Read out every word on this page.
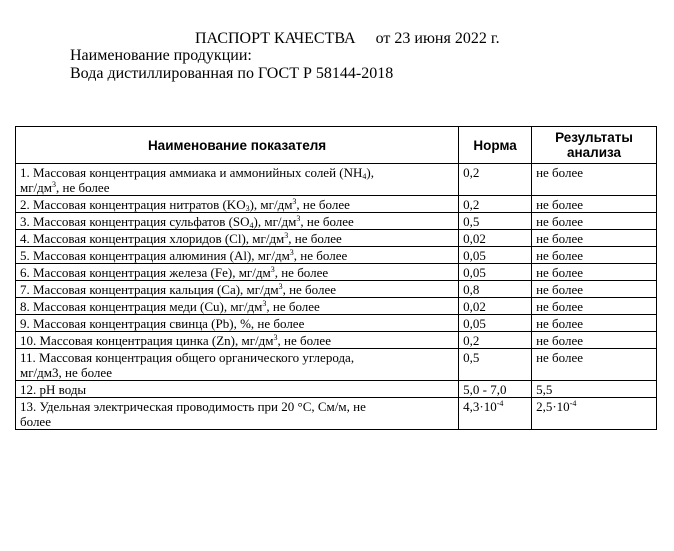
ПАСПОРТ КАЧЕСТВА от 23 июня 2022 г.
Наименование продукции:
Вода дистиллированная по ГОСТ Р 58144-2018
Наименование показателя	Норма	Результаты анализа
1. Массовая концентрация аммиака и аммонийных солей $(NH_4)$,
$мг/дм^3$, не более	0,2	не более
2. Массовая концентрация нитратов $(KO_3)$, $мг/дм^3$, не более	0,2	не более
3. Массовая концентрация сульфатов $(SO_4)$, $мг/дм^3$, не более	0,5	не более
4. Массовая концентрация хлоридов (Cl), $мг/дм^3$, не более	0,02	не более
5. Массовая концентрация алюминия (Al), $мг/дм^3$, не более	0,05	не более
6. Массовая концентрация железа (Fe), $мг/дм^3$, не более	0,05	не более
7. Массовая концентрация кальция (Ca), $мг/дм^3$, не более	0,8	не более
8. Массовая концентрация меди (Cu), $мг/дм^3$, не более	0,02	не более
9. Массовая концентрация свинца (Pb), %, не более	0,05	не более
10. Массовая концентрация цинка (Zn), $мг/дм^3$, не более	0,2	не более
11. Массовая концентрация общего органического углерода,
мг/дм3, не более	0,5	не более
12. pH воды	5,0 - 7,0	5,5
13. Удельная электрическая проводимость при 20 °С, См/м, не
более	$4,3\cdot 10^{-4}$	$2,5\cdot 10^{-4}$
